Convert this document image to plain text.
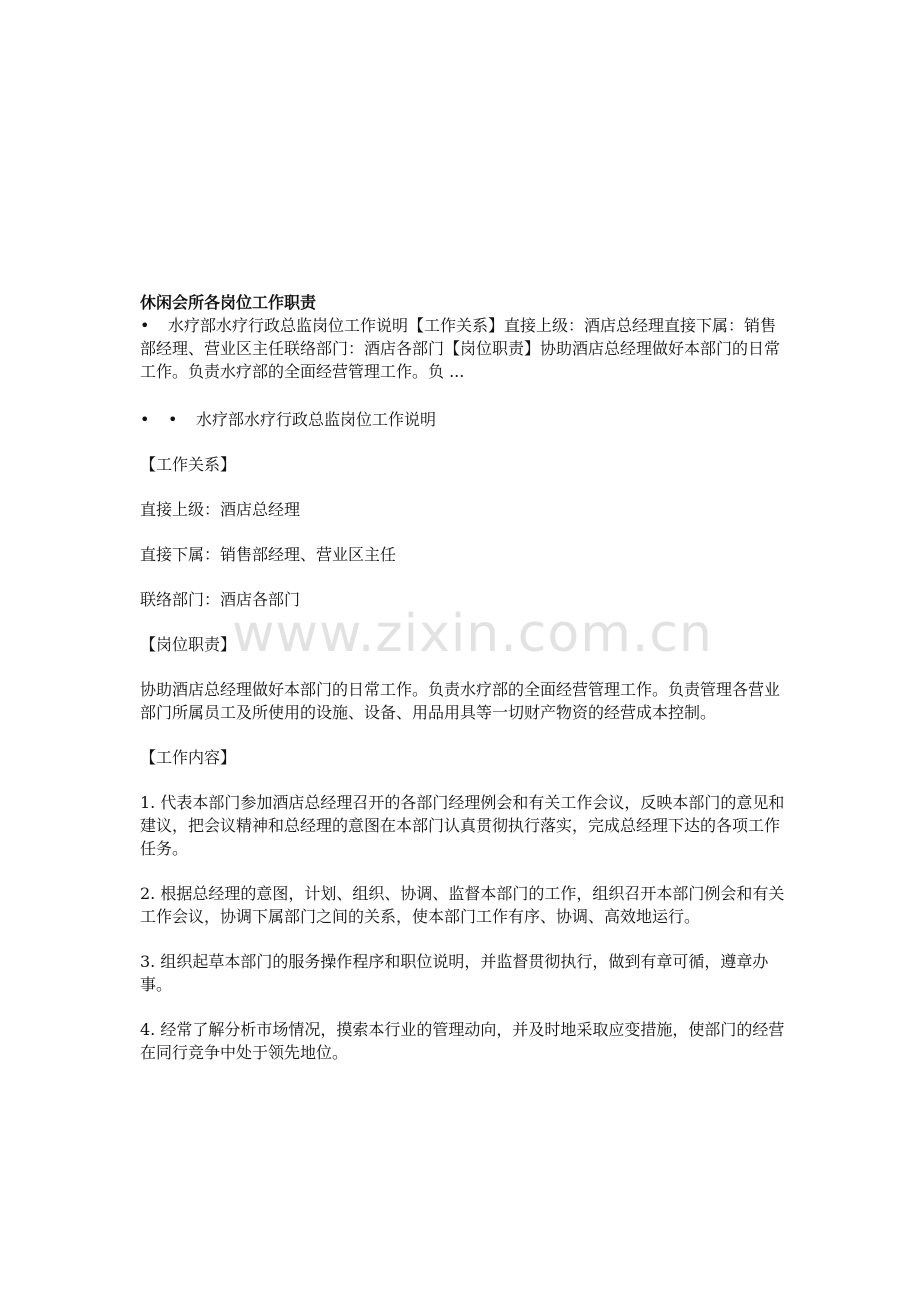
休闲会所各岗位工作职责

• 水疗部水疗行政总监岗位工作说明【工作关系】直接上级：酒店总经理直接下属：销售部经理、营业区主任联络部门：酒店各部门【岗位职责】协助酒店总经理做好本部门的日常工作。负责水疗部的全面经营管理工作。负 ...

• • 水疗部水疗行政总监岗位工作说明

【工作关系】

直接上级：酒店总经理

直接下属：销售部经理、营业区主任

联络部门：酒店各部门

【岗位职责】

协助酒店总经理做好本部门的日常工作。负责水疗部的全面经营管理工作。负责管理各营业部门所属员工及所使用的设施、设备、用品用具等一切财产物资的经营成本控制。

【工作内容】

1. 代表本部门参加酒店总经理召开的各部门经理例会和有关工作会议，反映本部门的意见和建议，把会议精神和总经理的意图在本部门认真贯彻执行落实，完成总经理下达的各项工作任务。

2. 根据总经理的意图，计划、组织、协调、监督本部门的工作，组织召开本部门例会和有关工作会议，协调下属部门之间的关系，使本部门工作有序、协调、高效地运行。

3. 组织起草本部门的服务操作程序和职位说明，并监督贯彻执行，做到有章可循，遵章办事。

4. 经常了解分析市场情况，摸索本行业的管理动向，并及时地采取应变措施，使部门的经营在同行竞争中处于领先地位。

www.zixin.com.cn
